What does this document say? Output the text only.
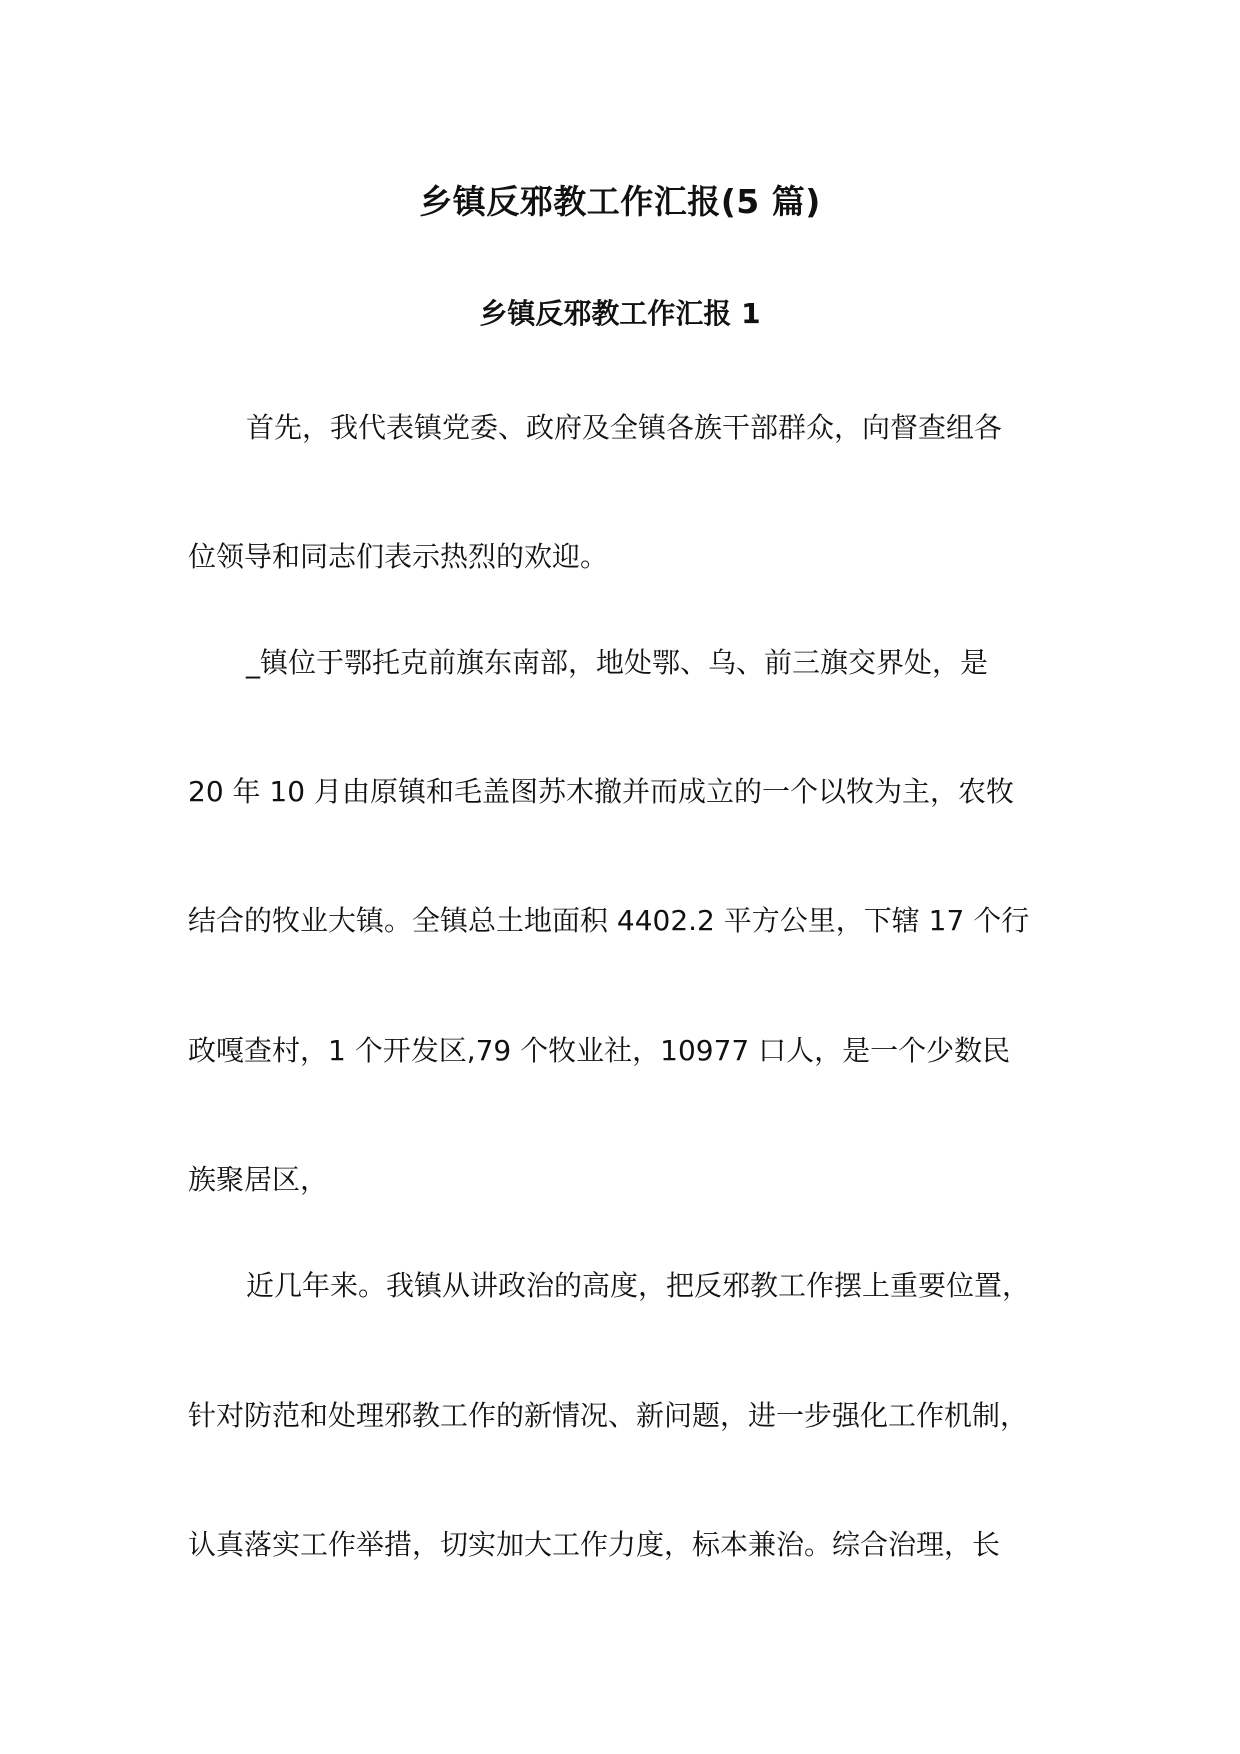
乡镇反邪教工作汇报(5 篇)
乡镇反邪教工作汇报 1
首先，我代表镇党委、政府及全镇各族干部群众，向督查组各
位领导和同志们表示热烈的欢迎。
_镇位于鄂托克前旗东南部，地处鄂、乌、前三旗交界处，是
20 年 10 月由原镇和毛盖图苏木撤并而成立的一个以牧为主，农牧
结合的牧业大镇。全镇总土地面积 4402.2 平方公里，下辖 17 个行
政嘎查村，1 个开发区,79 个牧业社，10977 口人，是一个少数民
族聚居区，
近几年来。我镇从讲政治的高度，把反邪教工作摆上重要位置，
针对防范和处理邪教工作的新情况、新问题，进一步强化工作机制，
认真落实工作举措，切实加大工作力度，标本兼治。综合治理，长
